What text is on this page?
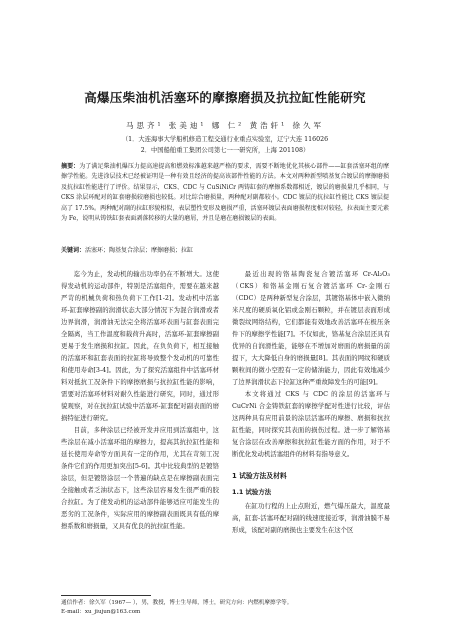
高爆压柴油机活塞环的摩擦磨损及抗拉缸性能研究
马思齐¹ 张美迪¹ 娜 仁² 黄浩轩¹ 徐久军
（1．大连海事大学船机修造工程交通行业重点实验室，辽宁大连 116026
2．中国船舶重工集团公司第七一一研究所，上海 201108）

摘要：为了满足柴油机爆压力提高速提高和燃效标准越来越严格的要求，需要不断地优化其核心部件——缸套活塞环组的摩擦学性能。先进涂层技术已经被证明是一种有效且经济的提高该部件性能的方法。本文对两种新型喷基复合镀层的摩擦磨损及抗拉缸性能进行了评价。结果显示，CKS、CDC 与 CuSiNiCr 两铸缸套的摩擦系数都相近，镀层的磨损量几乎相同，与 CKS 涂层环配对的缸套磨损较磨损也较低。对比综合磨损量，两种配对副都较小。CDC 镀层的抗拉缸性能比 CKS 镀层提高了 17.5%。两种配对副的拉缸形貌相似，表层塑性变形及磨损严重，活塞环镀层表面磨损程度相对较轻，拉表面主要元素为 Fe，说明从铸铁缸套表面剥落转移的大量的磨屑，并且是磨在磨损镀层的表面。

关键词：活塞环；陶基复合涂层；摩擦磨损；拉缸

迄今为止，发动机的输出功率仍在不断增大。这使得发动机的运动部件，特别是活塞组件，需要在越来越严苛的机械负荷和热负荷下工作[1-2]。发动机中活塞环-缸套摩擦副的润滑状态大部分情况下为混合润滑或者边界润滑，润滑油无法完全将活塞环表面与缸套表面完全隔离，当工作温度和载荷升高时，活塞环-缸套摩擦副更易于发生磨损和拉缸。因此，在负负荷下，相互接触的活塞环和缸套表面的拉缸将导致整个发动机的可靠性和使用寿命[3-4]。因此，为了探究活塞组件中活塞环材料对抵抗工况条件下的摩擦磨损与抗拉缸性能的影响，需要对活塞环材料对耐久性能进行研究，同时，通过形貌观察，对在抗拉缸试验中活塞环-缸套配对副表面的磨损特征进行研究。

目前，多种涂层已经被开发并应用到活塞组中，这些涂层在减小活塞环组的摩擦力，提高其抗拉缸性能和延长使用寿命等方面具有一定的作用，尤其在苛刻工况条件它们的作用更加突出[5-6]。其中比较典型的是镀铬涂层，但是镀铬涂层一个普遍的缺点是在摩擦副表面完全接触或者乏油状态下，这些涂层容易发生很严重的胶合拉缸。为了使发动机的运动部件能够适应可能发生的恶劣的工况条件，实际应用的摩擦副表面既具有低的摩擦系数和磨损量，又具有优良的抗拉缸性能。

最近出现的铬基陶瓷复合镀活塞环 Cr-Al₂O₃（CKS）和铬基金刚石复合镀活塞环 Cr-金刚石（CDC）是两种新型复合涂层，其镀铬基体中嵌入微纳米尺度的硬质氧化铝或金刚石颗粒，并在镀层表面形成微裂纹网络结构，它们都能有效地改善活塞环在极压条件下的摩擦学性能[7]。不仅如此，铬基复合涂层还具有优异的自润滑性能，能够在不增加对磨面的磨损量的前提下，大大降低自身的磨损量[8]。其表面的网纹和硬质颗粒间的微小空腔有一定的储油能力，因此有效地减少了边界润滑状态下拉缸这种严重故障发生的可能[9]。

本文将通过 CKS 与 CDC 的涂层的活塞环与 CuCrNi 合金铸铁缸套的摩擦学配对性进行比较，评估这两种具有应用前景的涂层活塞环的摩擦、磨损和抗拉缸性能，同时探究其表面的损伤过程。进一步了解铬基复合涂层在改善摩擦和抗拉缸性能方面的作用，对于不断优化发动机活塞组件的材料有指导意义。

1 试验方法及材料
1.1 试验方法

在缸功行程的上止点附近，燃气爆压最大，温度最高，缸套-活塞环配对副的线速度接近零，润滑油膜不易形成，该配对副的磨损也主要发生在这个区

通信作者：徐久军（1967— ），男，教授，博士生导师，博士，研究方向：内燃机摩擦学等。
E-mail：xu_jiujun@163.com
